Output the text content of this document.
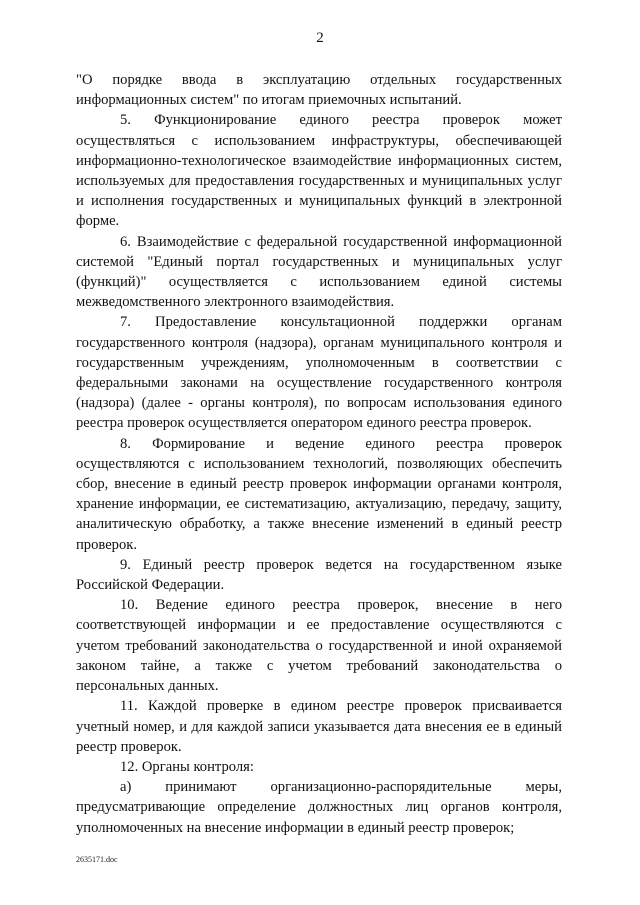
2

"О порядке ввода в эксплуатацию отдельных государственных информационных систем" по итогам приемочных испытаний.

5. Функционирование единого реестра проверок может осуществляться с использованием инфраструктуры, обеспечивающей информационно-технологическое взаимодействие информационных систем, используемых для предоставления государственных и муниципальных услуг и исполнения государственных и муниципальных функций в электронной форме.

6. Взаимодействие с федеральной государственной информационной системой "Единый портал государственных и муниципальных услуг (функций)" осуществляется с использованием единой системы межведомственного электронного взаимодействия.

7. Предоставление консультационной поддержки органам государственного контроля (надзора), органам муниципального контроля и государственным учреждениям, уполномоченным в соответствии с федеральными законами на осуществление государственного контроля (надзора) (далее - органы контроля), по вопросам использования единого реестра проверок осуществляется оператором единого реестра проверок.

8. Формирование и ведение единого реестра проверок осуществляются с использованием технологий, позволяющих обеспечить сбор, внесение в единый реестр проверок информации органами контроля, хранение информации, ее систематизацию, актуализацию, передачу, защиту, аналитическую обработку, а также внесение изменений в единый реестр проверок.

9. Единый реестр проверок ведется на государственном языке Российской Федерации.

10. Ведение единого реестра проверок, внесение в него соответствующей информации и ее предоставление осуществляются с учетом требований законодательства о государственной и иной охраняемой законом тайне, а также с учетом требований законодательства о персональных данных.

11. Каждой проверке в едином реестре проверок присваивается учетный номер, и для каждой записи указывается дата внесения ее в единый реестр проверок.

12. Органы контроля:

а) принимают организационно-распорядительные меры, предусматривающие определение должностных лиц органов контроля, уполномоченных на внесение информации в единый реестр проверок;

2635171.doc
